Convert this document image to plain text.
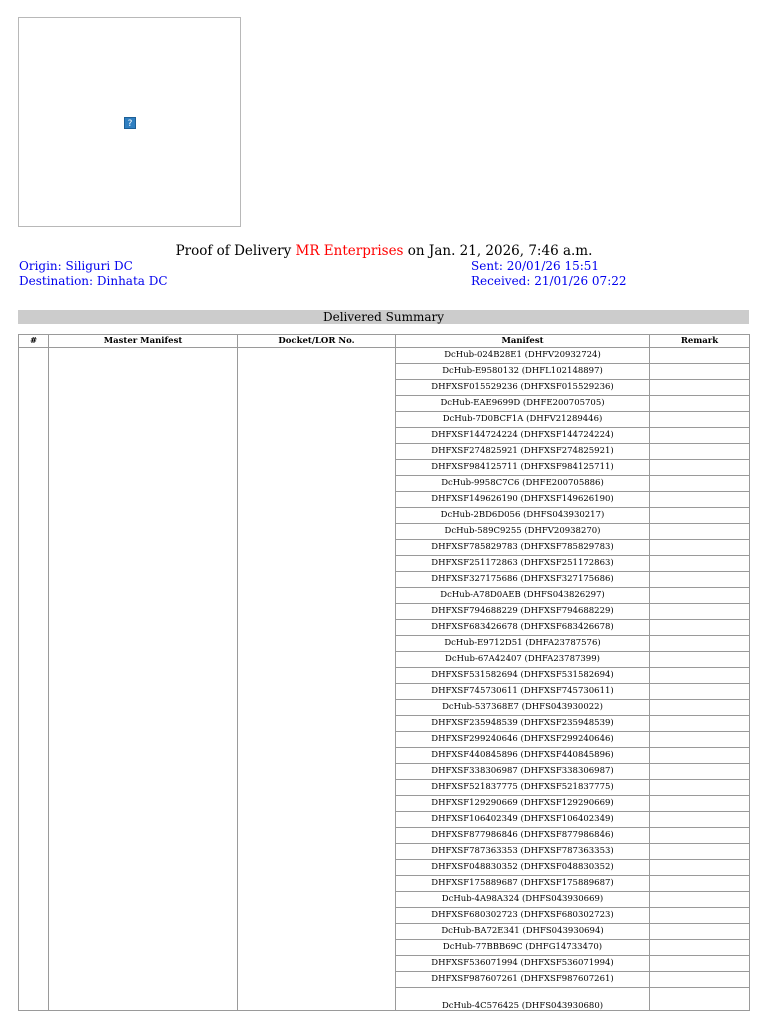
?
Proof of Delivery MR Enterprises on Jan. 21, 2026, 7:46 a.m.
Origin: Siliguri DC
Destination: Dinhata DC
Sent: 20/01/26 15:51
Received: 21/01/26 07:22
Delivered Summary
#	Master Manifest	Docket/LOR No.	Manifest	Remark
			DcHub-024B28E1 (DHFV20932724)	
			DcHub-E9580132 (DHFL102148897)	
			DHFXSF015529236 (DHFXSF015529236)	
			DcHub-EAE9699D (DHFE200705705)	
			DcHub-7D0BCF1A (DHFV21289446)	
			DHFXSF144724224 (DHFXSF144724224)	
			DHFXSF274825921 (DHFXSF274825921)	
			DHFXSF984125711 (DHFXSF984125711)	
			DcHub-9958C7C6 (DHFE200705886)	
			DHFXSF149626190 (DHFXSF149626190)	
			DcHub-2BD6D056 (DHFS043930217)	
			DcHub-589C9255 (DHFV20938270)	
			DHFXSF785829783 (DHFXSF785829783)	
			DHFXSF251172863 (DHFXSF251172863)	
			DHFXSF327175686 (DHFXSF327175686)	
			DcHub-A78D0AEB (DHFS043826297)	
			DHFXSF794688229 (DHFXSF794688229)	
			DHFXSF683426678 (DHFXSF683426678)	
			DcHub-E9712D51 (DHFA23787576)	
			DcHub-67A42407 (DHFA23787399)	
			DHFXSF531582694 (DHFXSF531582694)	
			DHFXSF745730611 (DHFXSF745730611)	
			DcHub-537368E7 (DHFS043930022)	
			DHFXSF235948539 (DHFXSF235948539)	
			DHFXSF299240646 (DHFXSF299240646)	
			DHFXSF440845896 (DHFXSF440845896)	
			DHFXSF338306987 (DHFXSF338306987)	
			DHFXSF521837775 (DHFXSF521837775)	
			DHFXSF129290669 (DHFXSF129290669)	
			DHFXSF106402349 (DHFXSF106402349)	
			DHFXSF877986846 (DHFXSF877986846)	
			DHFXSF787363353 (DHFXSF787363353)	
			DHFXSF048830352 (DHFXSF048830352)	
			DHFXSF175889687 (DHFXSF175889687)	
			DcHub-4A98A324 (DHFS043930669)	
			DHFXSF680302723 (DHFXSF680302723)	
			DcHub-BA72E341 (DHFS043930694)	
			DcHub-77BBB69C (DHFG14733470)	
			DHFXSF536071994 (DHFXSF536071994)	
			DHFXSF987607261 (DHFXSF987607261)	
			DcHub-4C576425 (DHFS043930680)	
